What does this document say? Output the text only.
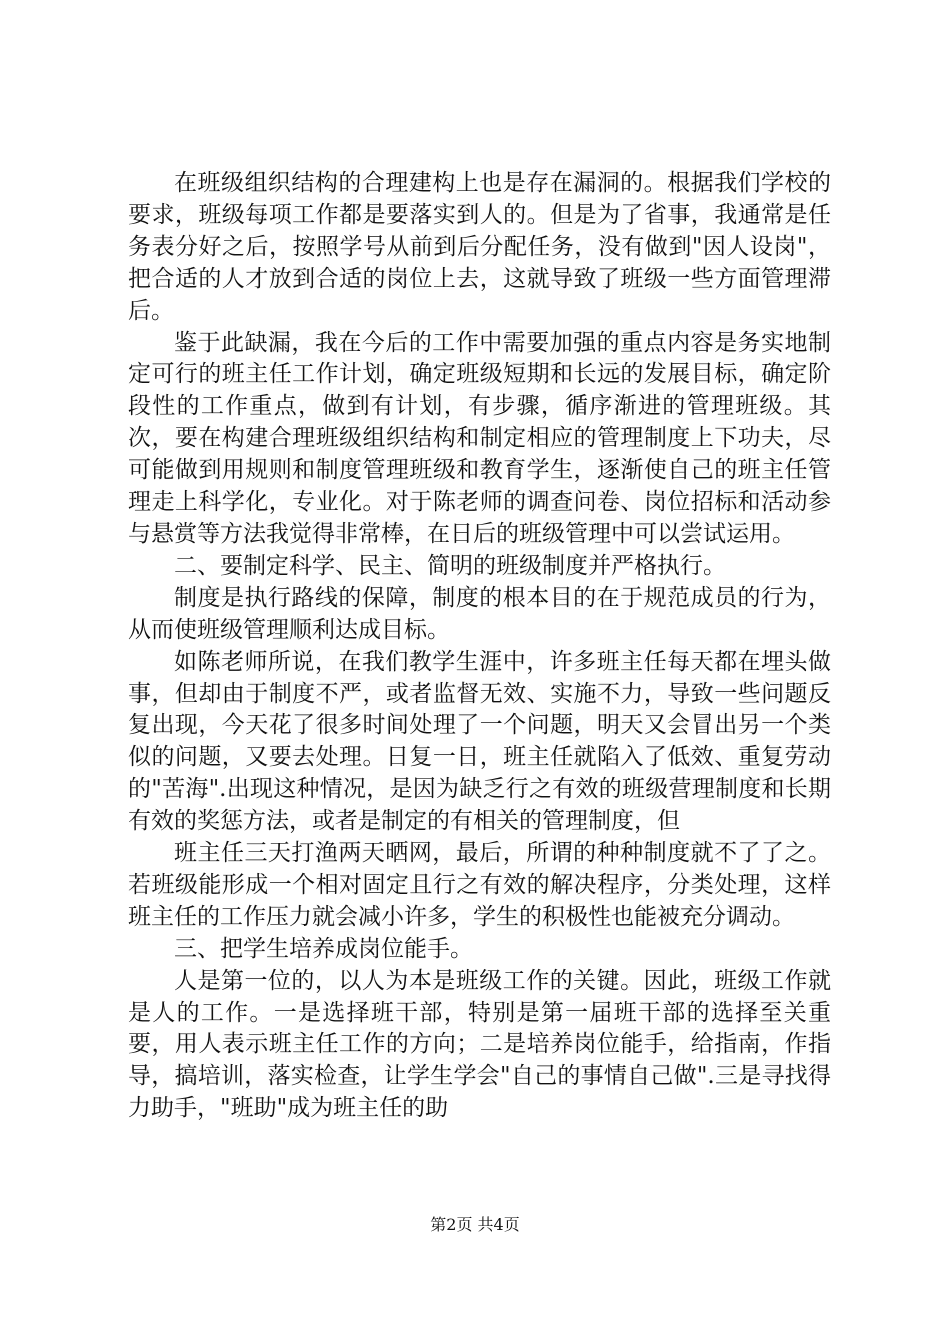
在班级组织结构的合理建构上也是存在漏洞的。根据我们学校的要求，班级每项工作都是要落实到人的。但是为了省事，我通常是任务表分好之后，按照学号从前到后分配任务，没有做到"因人设岗"，把合适的人才放到合适的岗位上去，这就导致了班级一些方面管理滞后。

鉴于此缺漏，我在今后的工作中需要加强的重点内容是务实地制定可行的班主任工作计划，确定班级短期和长远的发展目标，确定阶段性的工作重点，做到有计划，有步骤，循序渐进的管理班级。其次，要在构建合理班级组织结构和制定相应的管理制度上下功夫，尽可能做到用规则和制度管理班级和教育学生，逐渐使自己的班主任管理走上科学化，专业化。对于陈老师的调查问卷、岗位招标和活动参与悬赏等方法我觉得非常棒，在日后的班级管理中可以尝试运用。

二、要制定科学、民主、简明的班级制度并严格执行。

制度是执行路线的保障，制度的根本目的在于规范成员的行为，从而使班级管理顺利达成目标。

如陈老师所说，在我们教学生涯中，许多班主任每天都在埋头做事，但却由于制度不严，或者监督无效、实施不力，导致一些问题反复出现，今天花了很多时间处理了一个问题，明天又会冒出另一个类似的问题，又要去处理。日复一日，班主任就陷入了低效、重复劳动的"苦海".出现这种情况，是因为缺乏行之有效的班级营理制度和长期有效的奖惩方法，或者是制定的有相关的管理制度，但

班主任三天打渔两天晒网，最后，所谓的种种制度就不了了之。若班级能形成一个相对固定且行之有效的解决程序，分类处理，这样班主任的工作压力就会减小许多，学生的积极性也能被充分调动。

三、把学生培养成岗位能手。

人是第一位的，以人为本是班级工作的关键。因此，班级工作就是人的工作。一是选择班干部，特别是第一届班干部的选择至关重要，用人表示班主任工作的方向；二是培养岗位能手，给指南，作指导，搞培训，落实检查，让学生学会"自己的事情自己做".三是寻找得力助手，"班助"成为班主任的助

第2页 共4页
